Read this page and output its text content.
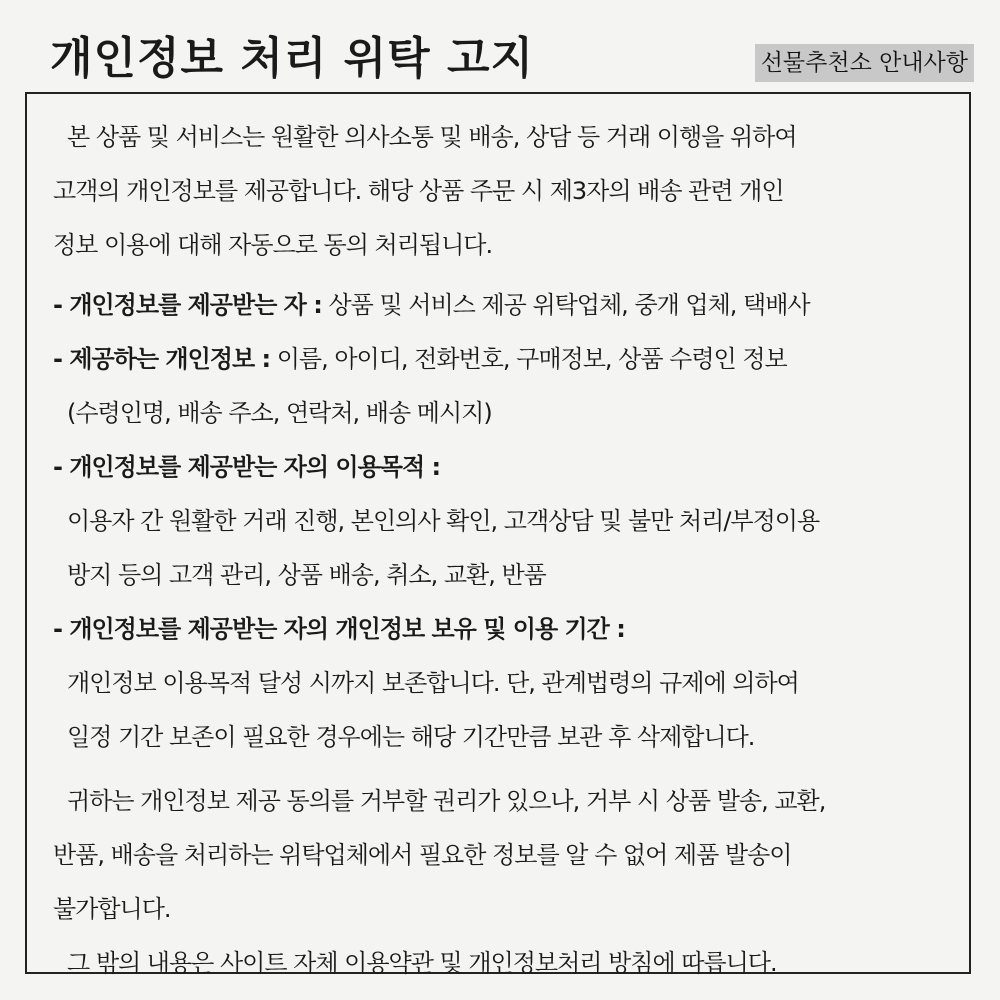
개인정보 처리 위탁 고지	선물추천소 안내사항
본 상품 및 서비스는 원활한 의사소통 및 배송, 상담 등 거래 이행을 위하여
고객의 개인정보를 제공합니다. 해당 상품 주문 시 제3자의 배송 관련 개인
정보 이용에 대해 자동으로 동의 처리됩니다.
- 개인정보를 제공받는 자 : 상품 및 서비스 제공 위탁업체, 중개 업체, 택배사
- 제공하는 개인정보 : 이름, 아이디, 전화번호, 구매정보, 상품 수령인 정보
(수령인명, 배송 주소, 연락처, 배송 메시지)
- 개인정보를 제공받는 자의 이용목적 :
이용자 간 원활한 거래 진행, 본인의사 확인, 고객상담 및 불만 처리/부정이용
방지 등의 고객 관리, 상품 배송, 취소, 교환, 반품
- 개인정보를 제공받는 자의 개인정보 보유 및 이용 기간 :
개인정보 이용목적 달성 시까지 보존합니다. 단, 관계법령의 규제에 의하여
일정 기간 보존이 필요한 경우에는 해당 기간만큼 보관 후 삭제합니다.
귀하는 개인정보 제공 동의를 거부할 권리가 있으나, 거부 시 상품 발송, 교환,
반품, 배송을 처리하는 위탁업체에서 필요한 정보를 알 수 없어 제품 발송이
불가합니다.
그 밖의 내용은 사이트 자체 이용약관 및 개인정보처리 방침에 따릅니다.
